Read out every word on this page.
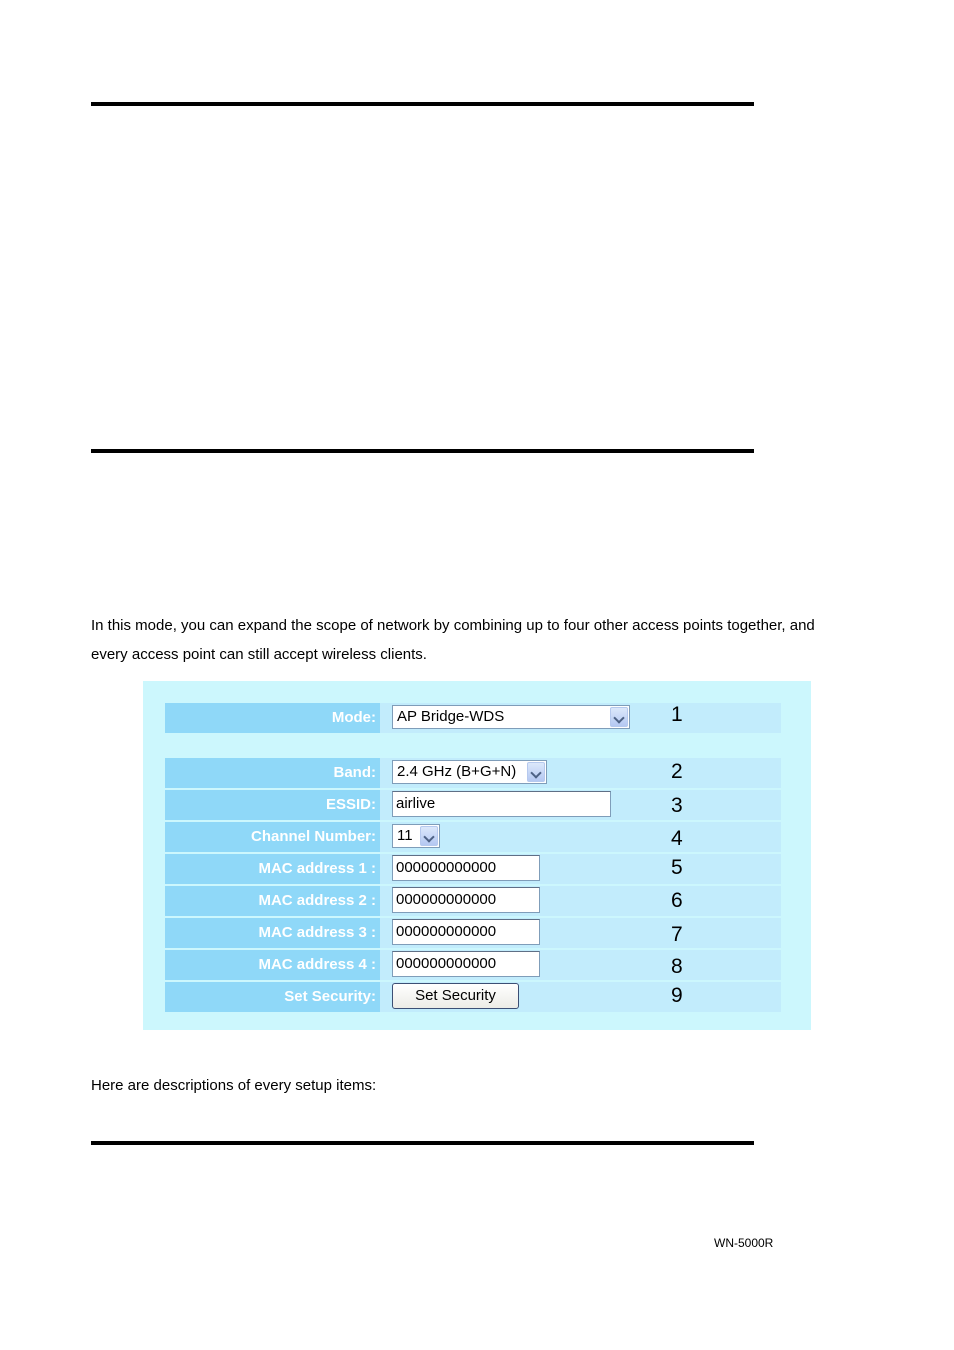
In this mode, you can expand the scope of network by combining up to four other access points together, and

every access point can still accept wireless clients.

Mode:	AP Bridge-WDS	1
Band:	2.4 GHz (B+G+N)	2
ESSID: airlive	3
Channel Number:	11	4
MAC address 1 : 000000000000	5
MAC address 2 : 000000000000	6
MAC address 3 : 000000000000	7
MAC address 4 : 000000000000	8
Set Security:	Set Security	9

Here are descriptions of every setup items:

WN-5000R
